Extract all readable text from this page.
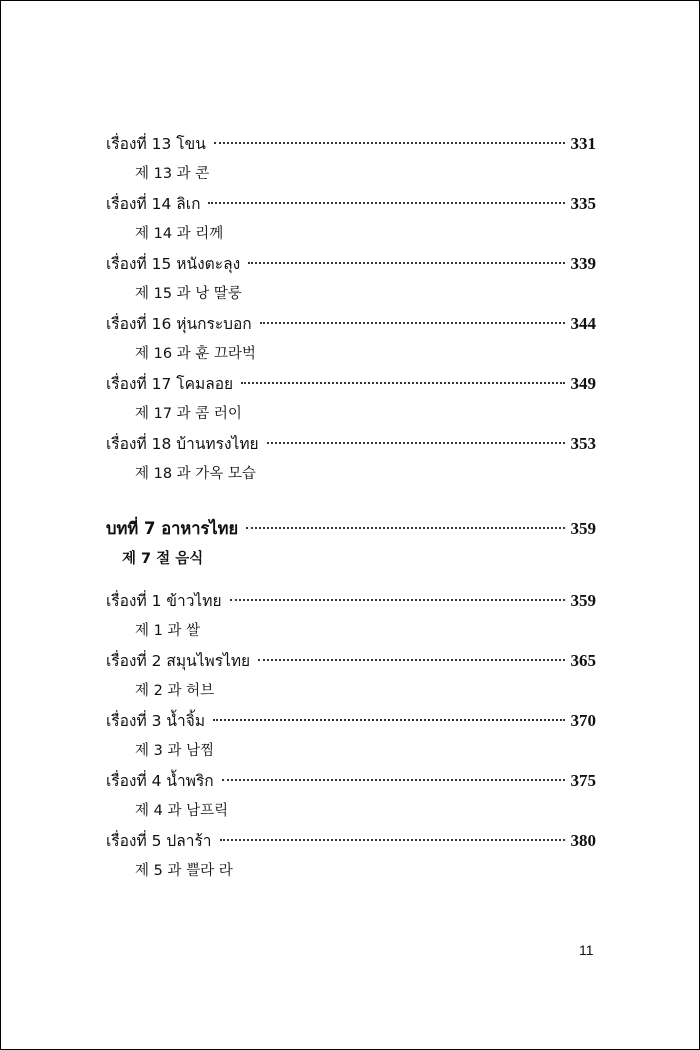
เรื่องที่ 13 โขน	331
제 13 과 콘
เรื่องที่ 14 ลิเก	335
제 14 과 리께
เรื่องที่ 15 หนังตะลุง	339
제 15 과 낭 딸룽
เรื่องที่ 16 หุ่นกระบอก	344
제 16 과 훈 끄라벅
เรื่องที่ 17 โคมลอย	349
제 17 과 콤 러이
เรื่องที่ 18 บ้านทรงไทย	353
제 18 과 가옥 모습
บทที่ 7 อาหารไทย	359
제 7 절 음식
เรื่องที่ 1 ข้าวไทย	359
제 1 과 쌀
เรื่องที่ 2 สมุนไพรไทย	365
제 2 과 허브
เรื่องที่ 3 น้ำจิ้ม	370
제 3 과 남찜
เรื่องที่ 4 น้ำพริก	375
제 4 과 남프릭
เรื่องที่ 5 ปลาร้า	380
제 5 과 쁠라 라
11
